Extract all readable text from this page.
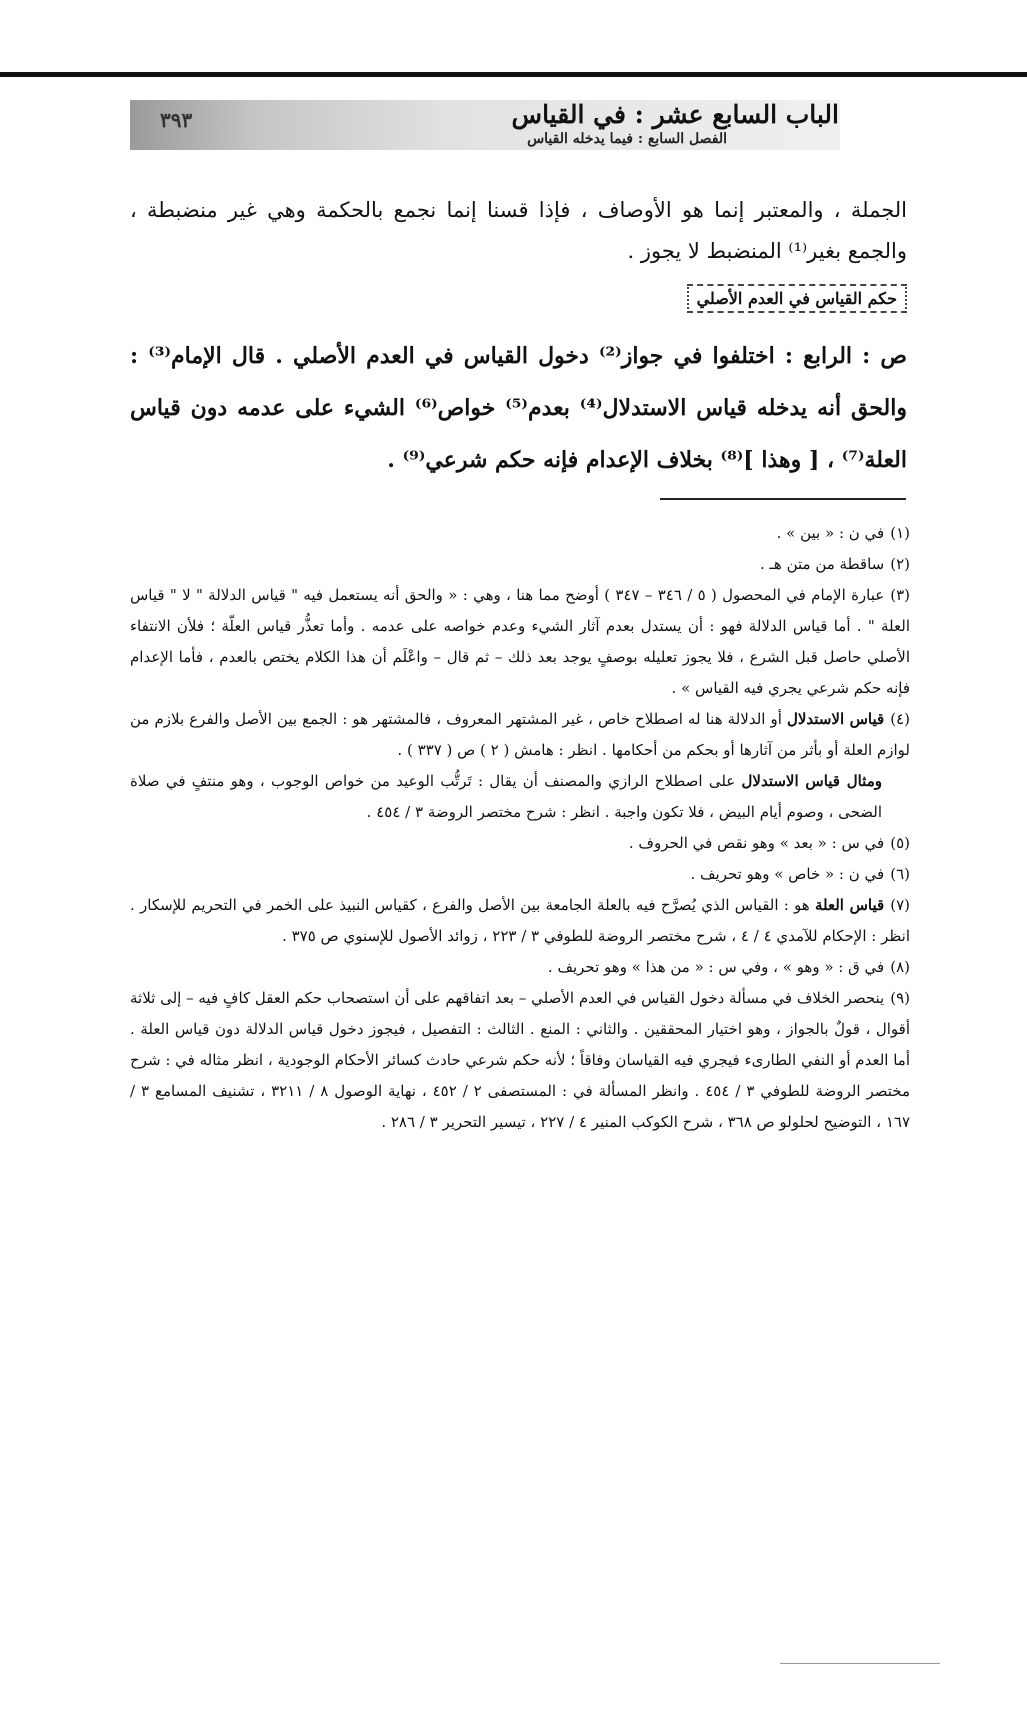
الباب السابع عشر : في القياس
الفصل السابع : فيما يدخله القياس
٣٩٣

الجملة ، والمعتبر إنما هو الأوصاف ، فإذا قسنا إنما نجمع بالحكمة وهي غير منضبطة ، والجمع بغير⁽¹⁾ المنضبط لا يجوز .

حكم القياس في العدم الأصلي

ص : الرابع : اختلفوا في جواز⁽²⁾ دخول القياس في العدم الأصلي . قال الإمام⁽³⁾ : والحق أنه يدخله قياس الاستدلال⁽⁴⁾ بعدم⁽⁵⁾ خواص⁽⁶⁾ الشيء على عدمه دون قياس العلة⁽⁷⁾ ، [ وهذا ]⁽⁸⁾ بخلاف الإعدام فإنه حكم شرعي⁽⁹⁾ .

(١)في ن : « بين » .

(٢)ساقطة من متن هـ .

(٣)عبارة الإمام في المحصول ( ٥ / ٣٤٦ – ٣٤٧ ) أوضح مما هنا ، وهي : « والحق أنه يستعمل فيه " قياس الدلالة " لا " قياس العلة " . أما قياس الدلالة فهو : أن يستدل بعدم آثار الشيء وعدم خواصه على عدمه . وأما تعذُّر قياس العلّة ؛ فلأن الانتفاء الأصلي حاصل قبل الشرع ، فلا يجوز تعليله بوصفٍ يوجد بعد ذلك – ثم قال – واعْلَم أن هذا الكلام يختص بالعدم ، فأما الإعدام فإنه حكم شرعي يجري فيه القياس » .

(٤)قياس الاستدلال أو الدلالة هنا له اصطلاح خاص ، غير المشتهر المعروف ، فالمشتهر هو : الجمع بين الأصل والفرع بلازم من لوازم العلة أو بأثر من آثارها أو بحكم من أحكامها . انظر : هامش ( ٢ ) ص ( ٣٣٧ ) .

ومثال قياس الاستدلال على اصطلاح الرازي والمصنف أن يقال : تَرتُّب الوعيد من خواص الوجوب ، وهو منتفٍ في صلاة الضحى ، وصوم أيام البيض ، فلا تكون واجبة . انظر : شرح مختصر الروضة ٣ / ٤٥٤ .

(٥)في س : « بعد » وهو نقص في الحروف .

(٦)في ن : « خاص » وهو تحريف .

(٧)قياس العلة هو : القياس الذي يُصرَّح فيه بالعلة الجامعة بين الأصل والفرع ، كقياس النبيذ على الخمر في التحريم للإسكار . انظر : الإحكام للآمدي ٤ / ٤ ، شرح مختصر الروضة للطوفي ٣ / ٢٢٣ ، زوائد الأصول للإسنوي ص ٣٧٥ .

(٨)في ق : « وهو » ، وفي س : « من هذا » وهو تحريف .

(٩)ينحصر الخلاف في مسألة دخول القياس في العدم الأصلي – بعد اتفاقهم على أن استصحاب حكم العقل كافٍ فيه – إلى ثلاثة أقوال ، قولٌ بالجواز ، وهو اختيار المحققين . والثاني : المنع . الثالث : التفصيل ، فيجوز دخول قياس الدلالة دون قياس العلة . أما العدم أو النفي الطارىء فيجري فيه القياسان وفاقاً ؛ لأنه حكم شرعي حادث كسائر الأحكام الوجودية ، انظر مثاله في : شرح مختصر الروضة للطوفي ٣ / ٤٥٤ . وانظر المسألة في : المستصفى ٢ / ٤٥٢ ، نهاية الوصول ٨ / ٣٢١١ ، تشنيف المسامع ٣ / ١٦٧ ، التوضيح لحلولو ص ٣٦٨ ، شرح الكوكب المنير ٤ / ٢٢٧ ، تيسير التحرير ٣ / ٢٨٦ .
